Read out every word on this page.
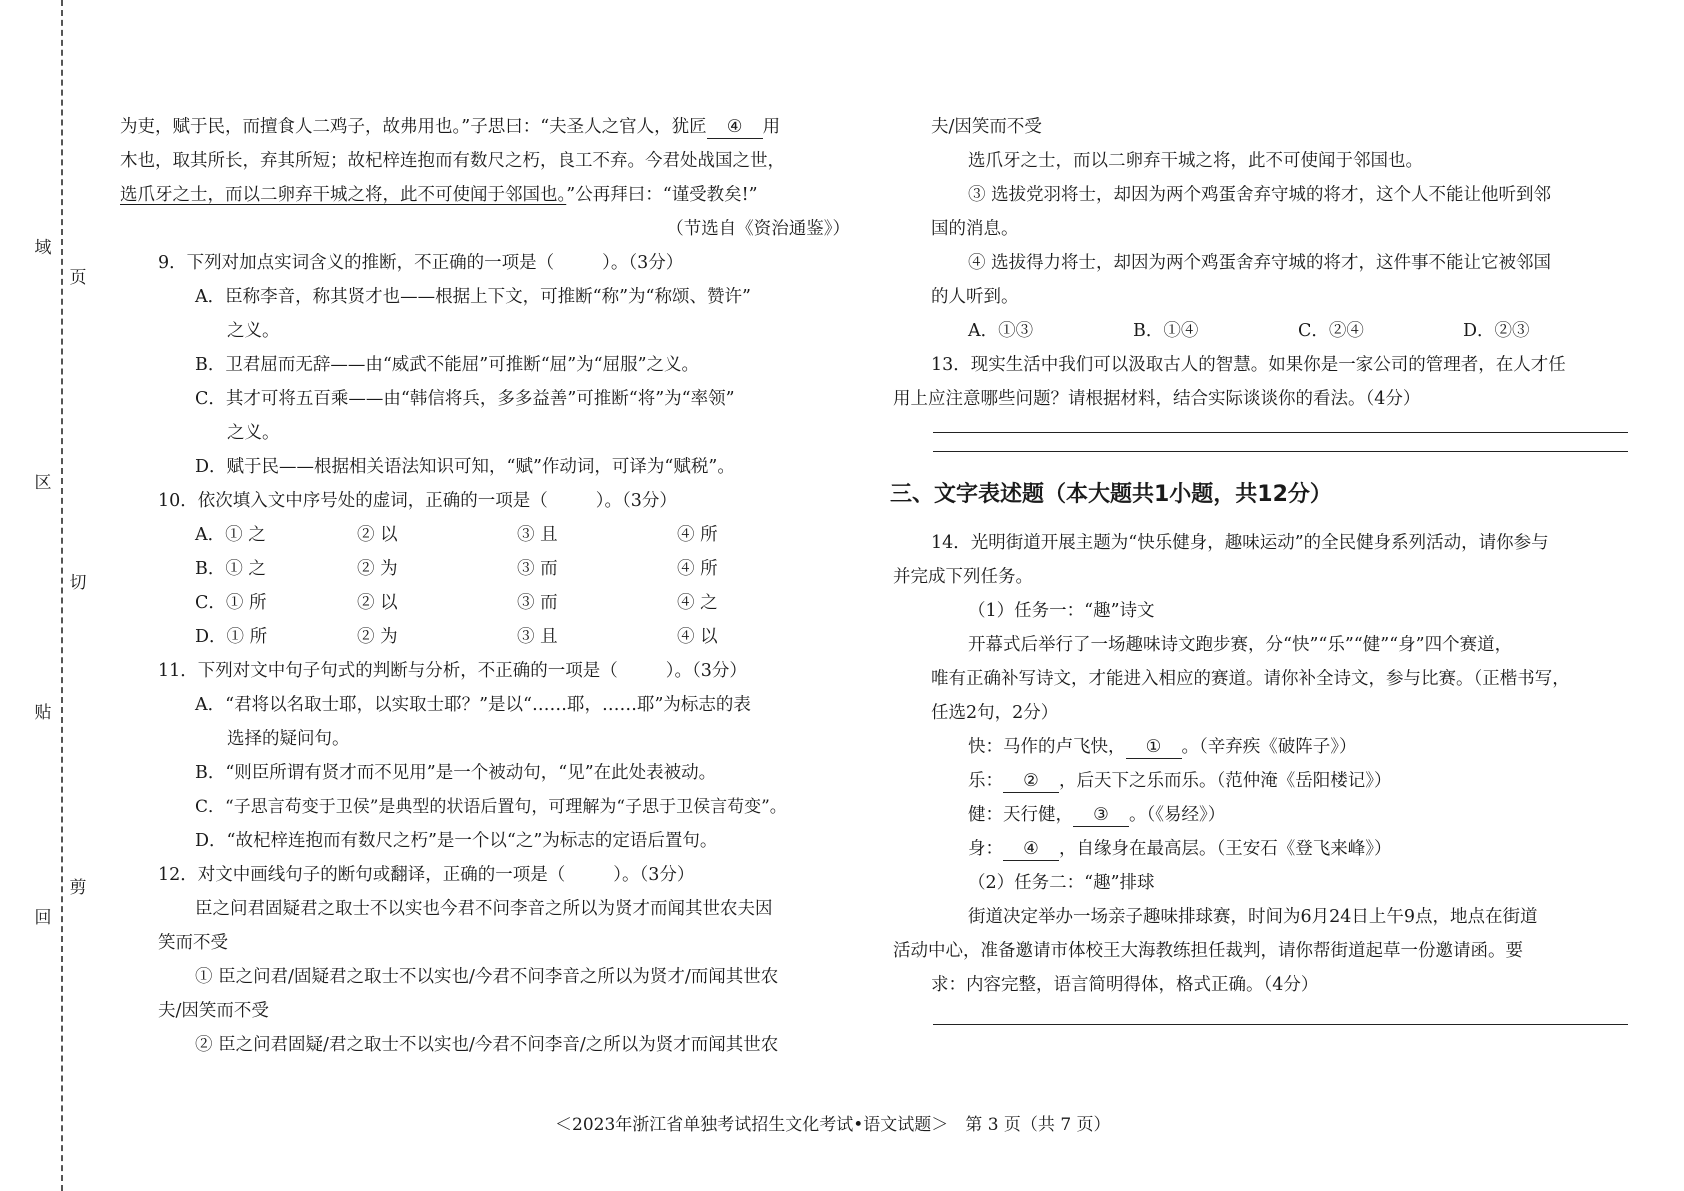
域
页
区
切
贴
回
剪
为吏，赋于民，而擅食人二鸡子，故弗用也。”子思曰：“夫圣人之官人，犹匠 ④ 用
木也，取其所长，弃其所短；故杞梓连抱而有数尺之朽，良工不弃。今君处战国之世，
选爪牙之士，而以二卵弃干城之将，此不可使闻于邻国也。”公再拜曰：“谨受教矣!”
（节选自《资治通鉴》）
9．下列对加点实词含义的推断，不正确的一项是（	）。（3分）
A．臣称李音，称其贤才也——根据上下文，可推断“称”为“称颂、赞许”
之义。
B．卫君屈而无辞——由“威武不能屈”可推断“屈”为“屈服”之义。
C．其才可将五百乘——由“韩信将兵，多多益善”可推断“将”为“率领”
之义。
D．赋于民——根据相关语法知识可知，“赋”作动词，可译为“赋税”。
10．依次填入文中序号处的虚词，正确的一项是（	）。（3分）
A．① 之	② 以	③ 且	④ 所
B．① 之	② 为	③ 而	④ 所
C．① 所	② 以	③ 而	④ 之
D．① 所	② 为	③ 且	④ 以
11．下列对文中句子句式的判断与分析，不正确的一项是（	）。（3分）
A．“君将以名取士耶，以实取士耶？”是以“……耶，……耶”为标志的表
选择的疑问句。
B．“则臣所谓有贤才而不见用”是一个被动句，“见”在此处表被动。
C．“子思言苟变于卫侯”是典型的状语后置句，可理解为“子思于卫侯言苟变”。
D．“故杞梓连抱而有数尺之朽”是一个以“之”为标志的定语后置句。
12．对文中画线句子的断句或翻译，正确的一项是（	）。（3分）
臣之问君固疑君之取士不以实也今君不问李音之所以为贤才而闻其世农夫因
笑而不受
① 臣之问君/固疑君之取士不以实也/今君不问李音之所以为贤才/而闻其世农
夫/因笑而不受
② 臣之问君固疑/君之取士不以实也/今君不问李音/之所以为贤才而闻其世农
夫/因笑而不受
选爪牙之士，而以二卵弃干城之将，此不可使闻于邻国也。
③ 选拔党羽将士，却因为两个鸡蛋舍弃守城的将才，这个人不能让他听到邻
国的消息。
④ 选拔得力将士，却因为两个鸡蛋舍弃守城的将才，这件事不能让它被邻国
的人听到。
A．①③	B．①④	C．②④	D．②③
13．现实生活中我们可以汲取古人的智慧。如果你是一家公司的管理者，在人才任
用上应注意哪些问题？请根据材料，结合实际谈谈你的看法。（4分）
三、文字表述题（本大题共1小题，共12分）
14．光明街道开展主题为“快乐健身，趣味运动”的全民健身系列活动，请你参与
并完成下列任务。
（1）任务一：“趣”诗文
开幕式后举行了一场趣味诗文跑步赛，分“快”“乐”“健”“身”四个赛道，
唯有正确补写诗文，才能进入相应的赛道。请你补全诗文，参与比赛。（正楷书写，
任选2句，2分）
快：马作的卢飞快， ① 。（辛弃疾《破阵子》）
乐： ② ，后天下之乐而乐。（范仲淹《岳阳楼记》）
健：天行健， ③ 。（《易经》）
身： ④ ，自缘身在最高层。（王安石《登飞来峰》）
（2）任务二：“趣”排球
街道决定举办一场亲子趣味排球赛，时间为6月24日上午9点，地点在街道
活动中心，准备邀请市体校王大海教练担任裁判，请你帮街道起草一份邀请函。要
求：内容完整，语言简明得体，格式正确。（4分）
＜2023年浙江省单独考试招生文化考试•语文试题＞　第 3 页（共 7 页）
